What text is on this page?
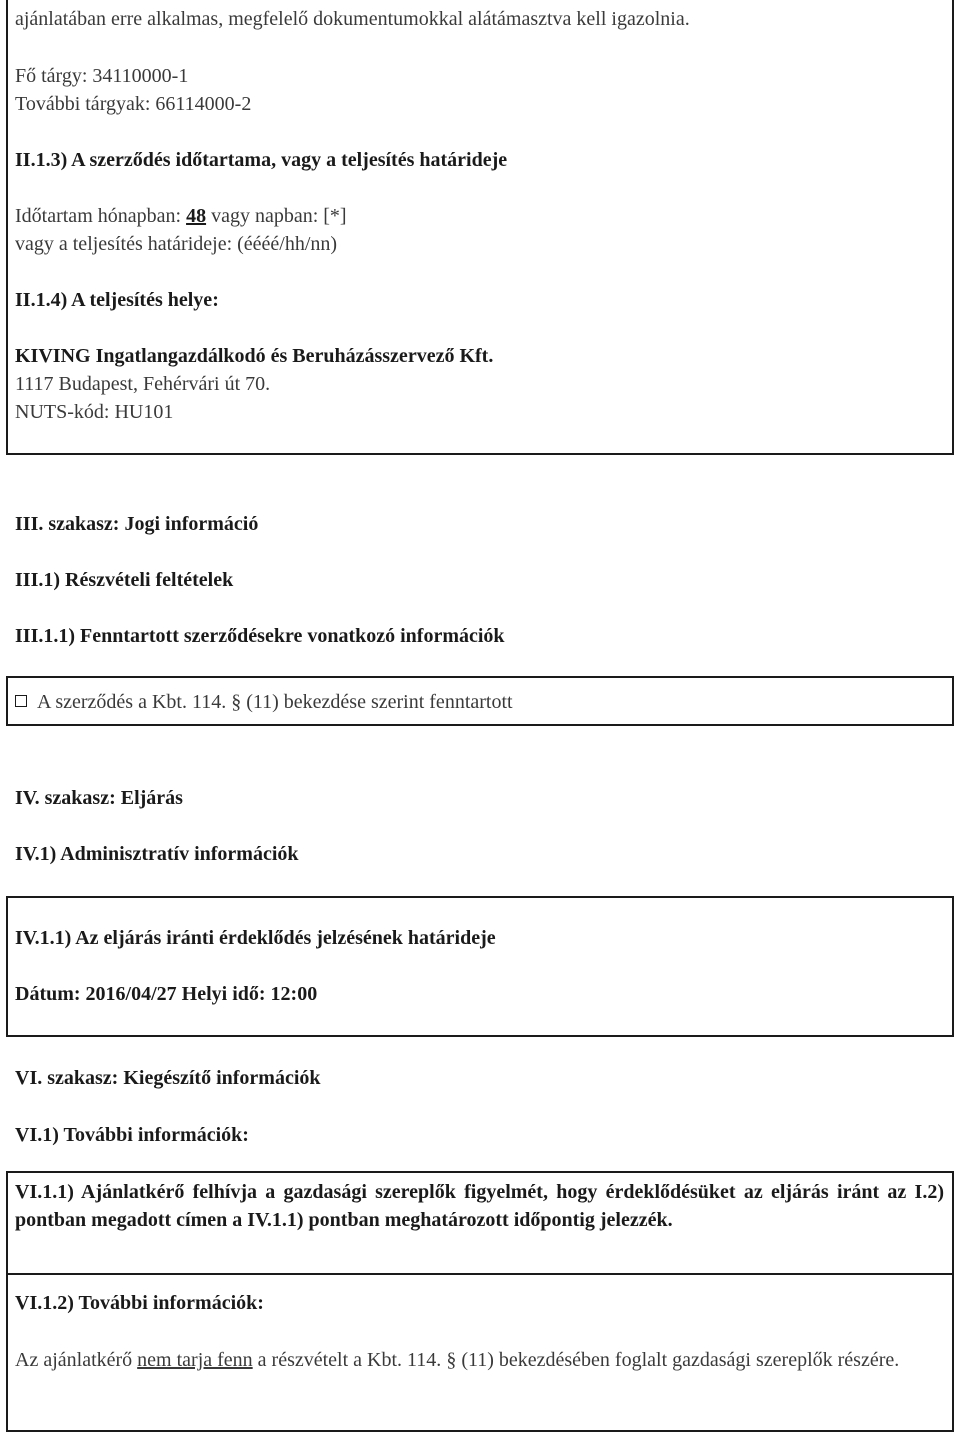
ajánlatában erre alkalmas, megfelelő dokumentumokkal alátámasztva kell igazolnia.
Fő tárgy: 34110000-1
További tárgyak: 66114000-2
II.1.3) A szerződés időtartama, vagy a teljesítés határideje
Időtartam hónapban: 48 vagy napban: [*]
vagy a teljesítés határideje: (éééé/hh/nn)
II.1.4) A teljesítés helye:
KIVING Ingatlangazdálkodó és Beruházásszervező Kft.
1117 Budapest, Fehérvári út 70.
NUTS-kód: HU101
III. szakasz: Jogi információ
III.1) Részvételi feltételek
III.1.1) Fenntartott szerződésekre vonatkozó információk
A szerződés a Kbt. 114. § (11) bekezdése szerint fenntartott
IV. szakasz: Eljárás
IV.1) Adminisztratív információk
IV.1.1) Az eljárás iránti érdeklődés jelzésének határideje
Dátum: 2016/04/27 Helyi idő: 12:00
VI. szakasz: Kiegészítő információk
VI.1) További információk:
VI.1.1) Ajánlatkérő felhívja a gazdasági szereplők figyelmét, hogy érdeklődésüket az eljárás iránt az I.2) pontban megadott címen a IV.1.1) pontban meghatározott időpontig jelezzék.
VI.1.2) További információk:
Az ajánlatkérő nem tarja fenn a részvételt a Kbt. 114. § (11) bekezdésében foglalt gazdasági szereplők részére.
